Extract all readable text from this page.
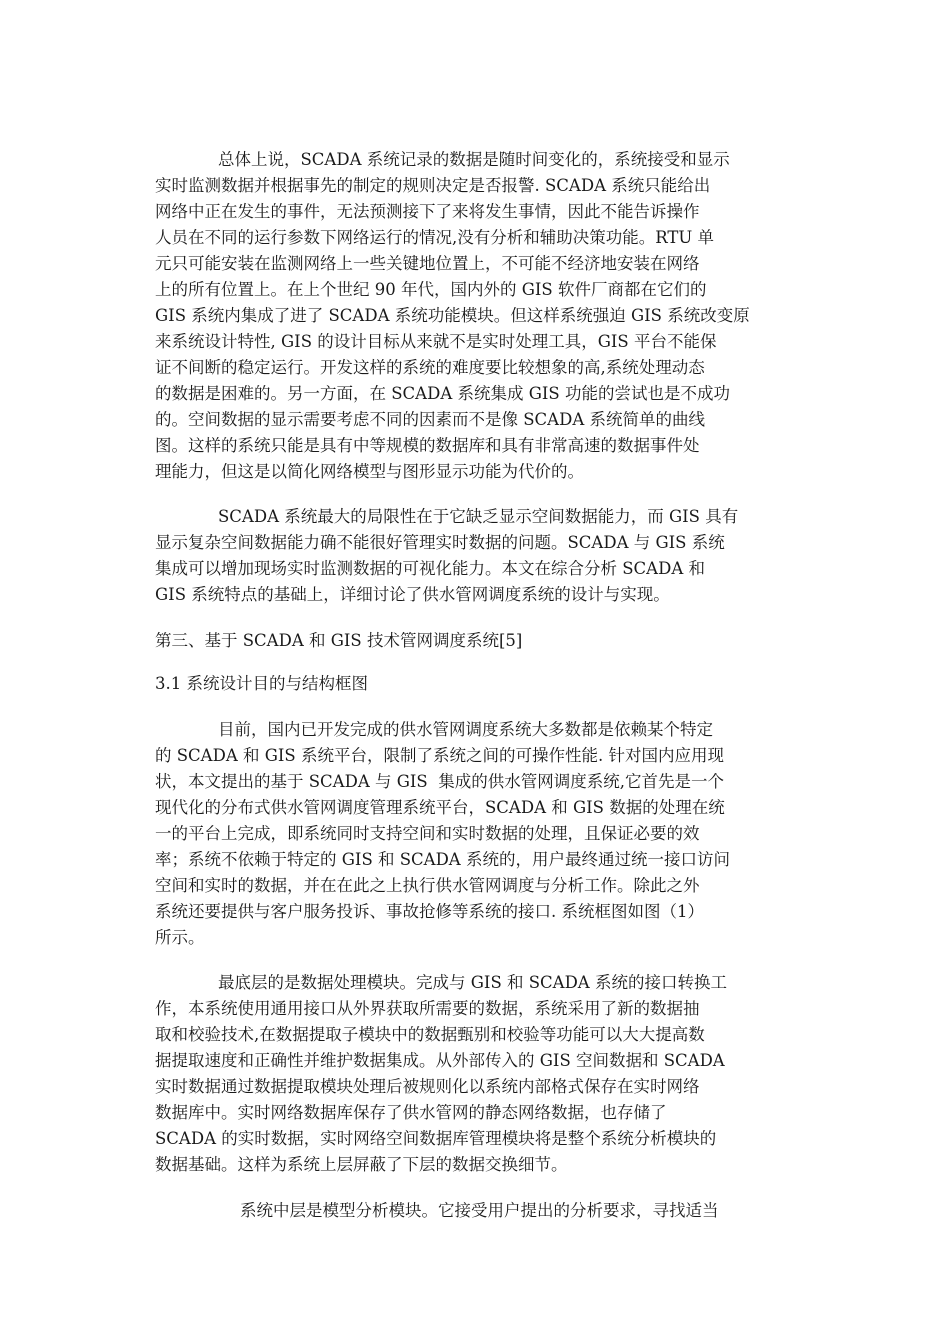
总体上说，SCADA 系统记录的数据是随时间变化的，系统接受和显示

实时监测数据并根据事先的制定的规则决定是否报警. SCADA 系统只能给出

网络中正在发生的事件，无法预测接下了来将发生事情，因此不能告诉操作

人员在不同的运行参数下网络运行的情况,没有分析和辅助决策功能。RTU 单

元只可能安装在监测网络上一些关键地位置上，不可能不经济地安装在网络

上的所有位置上。在上个世纪 90 年代，国内外的 GIS 软件厂商都在它们的

GIS 系统内集成了进了 SCADA 系统功能模块。但这样系统强迫 GIS 系统改变原

来系统设计特性, GIS 的设计目标从来就不是实时处理工具，GIS 平台不能保

证不间断的稳定运行。开发这样的系统的难度要比较想象的高,系统处理动态

的数据是困难的。另一方面，在 SCADA 系统集成 GIS 功能的尝试也是不成功

的。空间数据的显示需要考虑不同的因素而不是像 SCADA 系统简单的曲线

图。这样的系统只能是具有中等规模的数据库和具有非常高速的数据事件处

理能力，但这是以简化网络模型与图形显示功能为代价的。

SCADA 系统最大的局限性在于它缺乏显示空间数据能力，而 GIS 具有

显示复杂空间数据能力确不能很好管理实时数据的问题。SCADA 与 GIS 系统

集成可以增加现场实时监测数据的可视化能力。本文在综合分析 SCADA 和

GIS 系统特点的基础上，详细讨论了供水管网调度系统的设计与实现。

第三、基于 SCADA 和 GIS 技术管网调度系统[5]

3.1 系统设计目的与结构框图

目前，国内已开发完成的供水管网调度系统大多数都是依赖某个特定

的 SCADA 和 GIS 系统平台，限制了系统之间的可操作性能. 针对国内应用现

状，本文提出的基于 SCADA 与 GIS  集成的供水管网调度系统,它首先是一个

现代化的分布式供水管网调度管理系统平台，SCADA 和 GIS 数据的处理在统

一的平台上完成，即系统同时支持空间和实时数据的处理，且保证必要的效

率；系统不依赖于特定的 GIS 和 SCADA 系统的，用户最终通过统一接口访问

空间和实时的数据，并在在此之上执行供水管网调度与分析工作。除此之外

系统还要提供与客户服务投诉、事故抢修等系统的接口. 系统框图如图（1）

所示。

最底层的是数据处理模块。完成与 GIS 和 SCADA 系统的接口转换工

作，本系统使用通用接口从外界获取所需要的数据，系统采用了新的数据抽

取和校验技术,在数据提取子模块中的数据甄别和校验等功能可以大大提高数

据提取速度和正确性并维护数据集成。从外部传入的 GIS 空间数据和 SCADA

实时数据通过数据提取模块处理后被规则化以系统内部格式保存在实时网络

数据库中。实时网络数据库保存了供水管网的静态网络数据，也存储了

SCADA 的实时数据，实时网络空间数据库管理模块将是整个系统分析模块的

数据基础。这样为系统上层屏蔽了下层的数据交换细节。

系统中层是模型分析模块。它接受用户提出的分析要求，寻找适当
